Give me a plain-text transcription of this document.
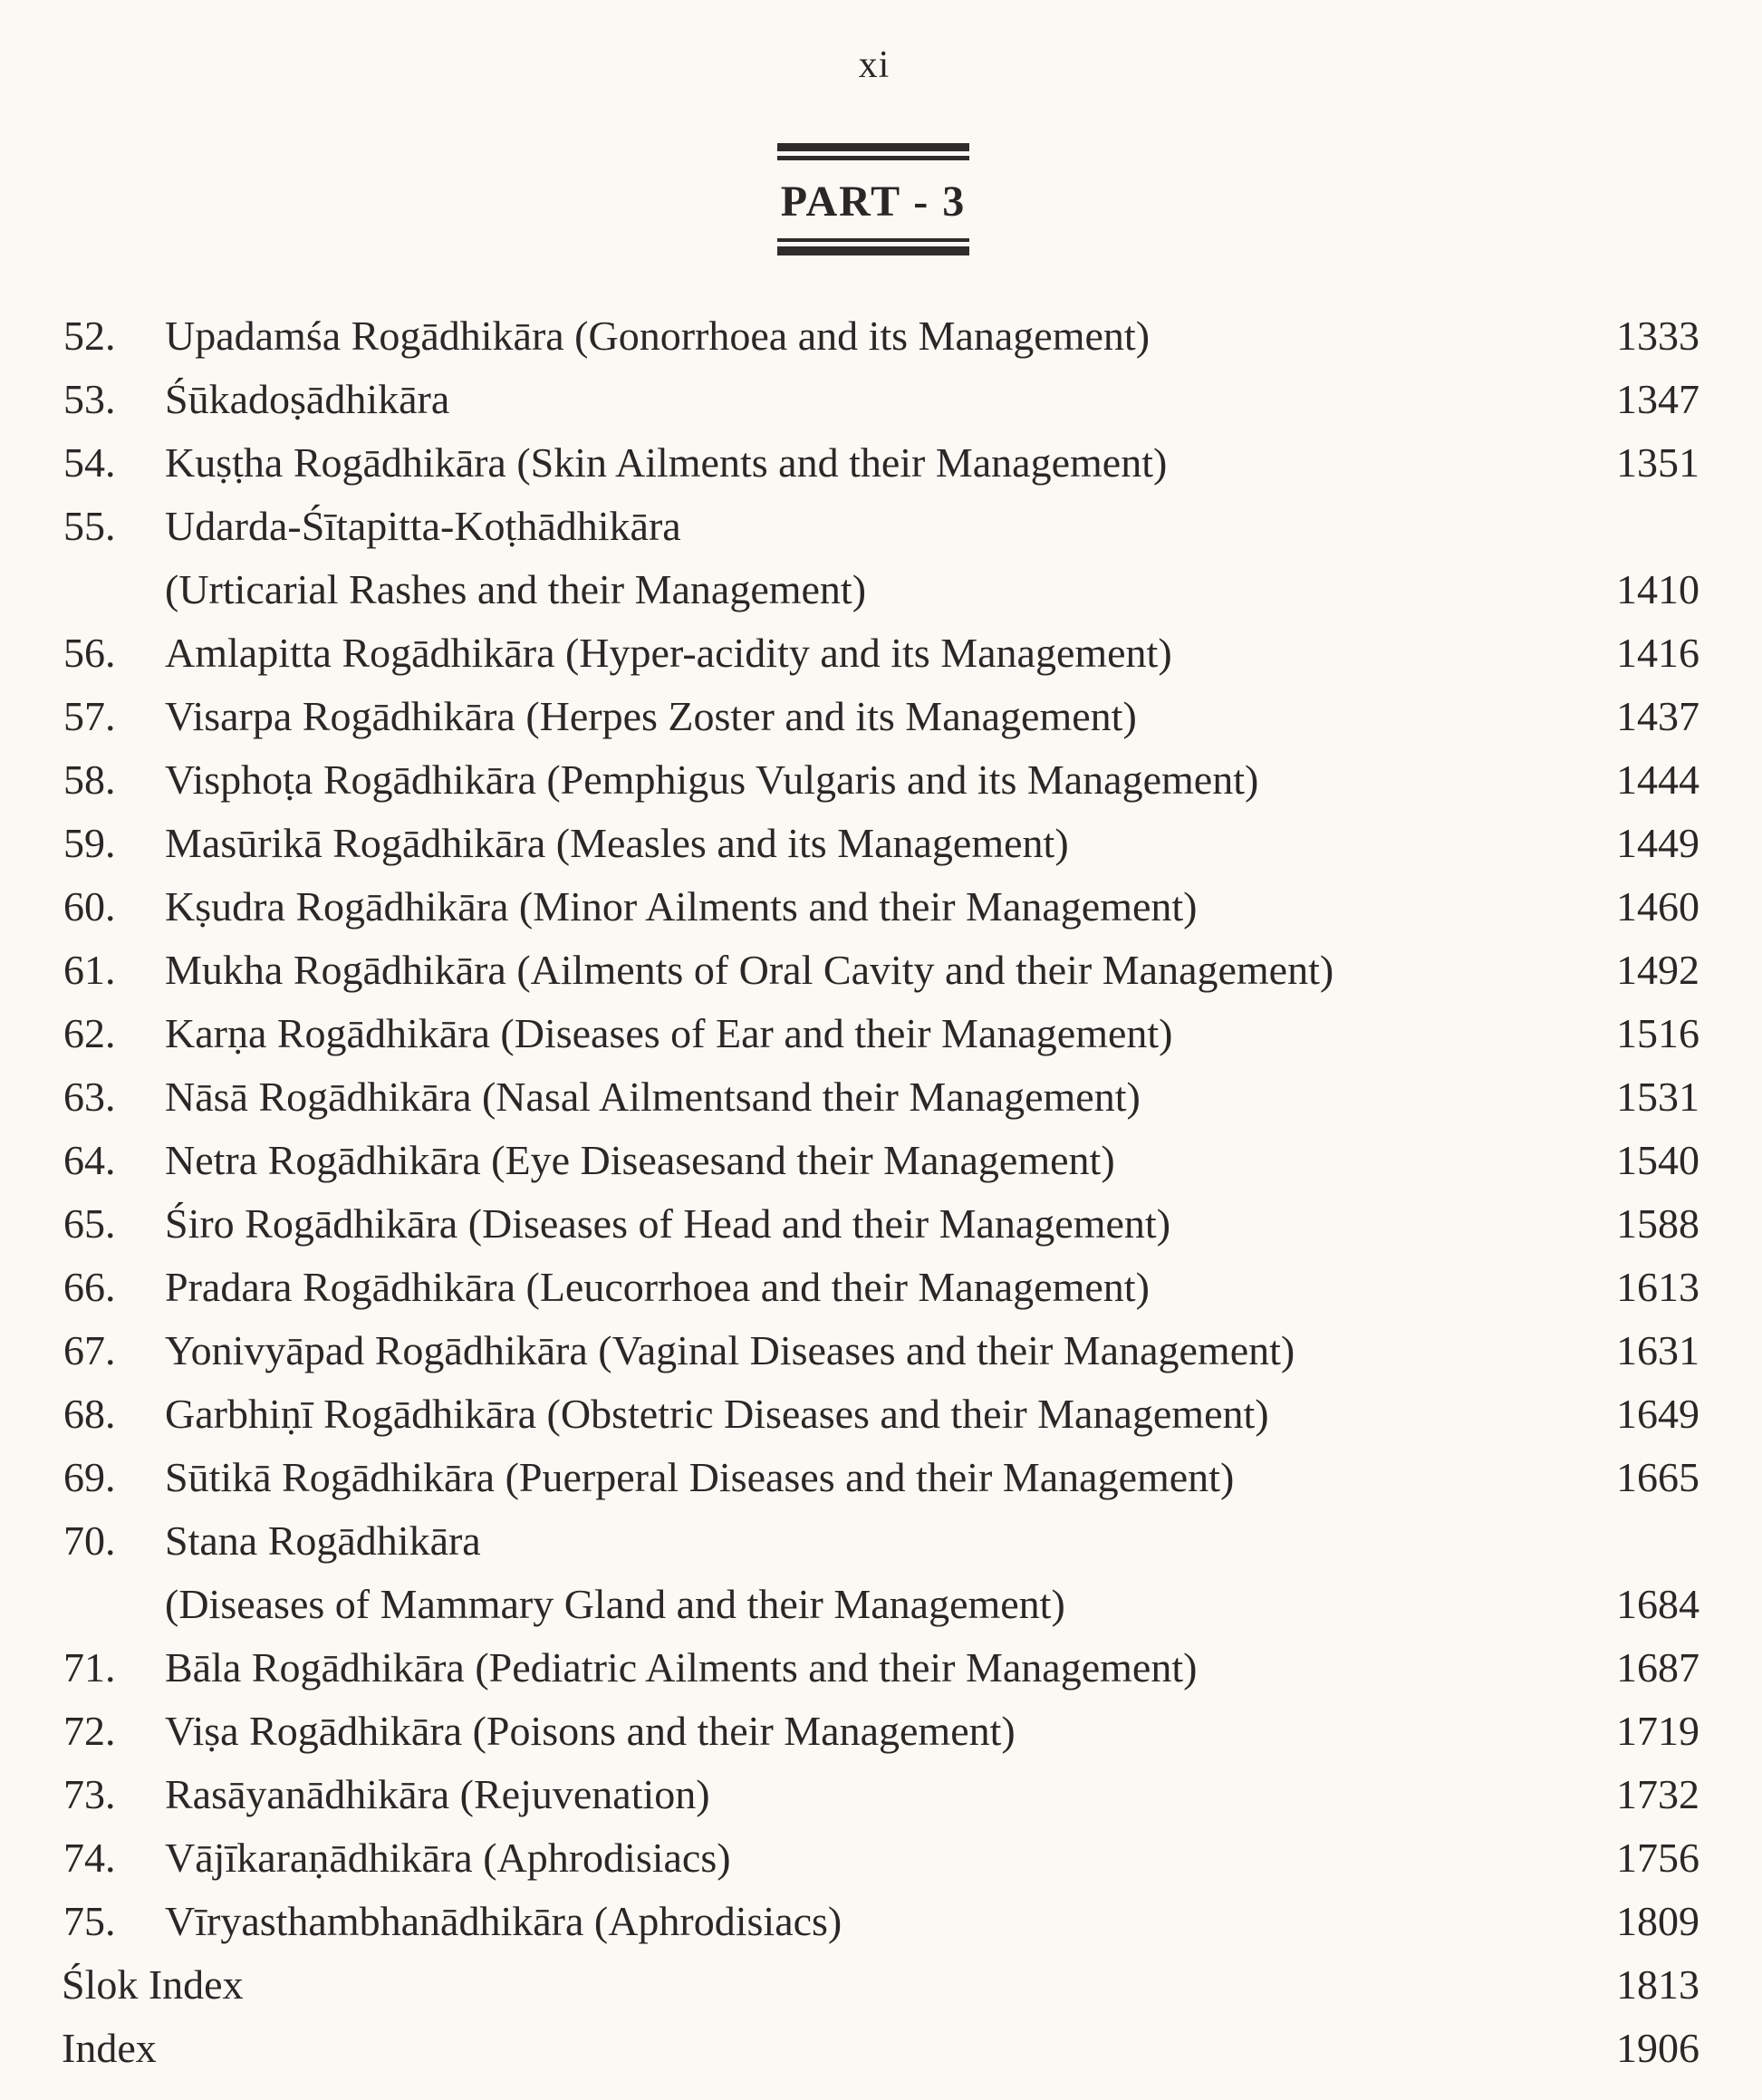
xi
PART - 3
52. Upadamśa Rogādhikāra (Gonorrhoea and its Management)	1333
53. Śūkadoṣādhikāra	1347
54. Kuṣṭha Rogādhikāra (Skin Ailments and their Management)	1351
55. Udarda-Śītapitta-Koṭhādhikāra
(Urticarial Rashes and their Management)	1410
56. Amlapitta Rogādhikāra (Hyper-acidity and its Management)	1416
57. Visarpa Rogādhikāra (Herpes Zoster and its Management)	1437
58. Visphoṭa Rogādhikāra (Pemphigus Vulgaris and its Management)	1444
59. Masūrikā Rogādhikāra (Measles and its Management)	1449
60. Kṣudra Rogādhikāra (Minor Ailments and their Management)	1460
61. Mukha Rogādhikāra (Ailments of Oral Cavity and their Management)	1492
62. Karṇa Rogādhikāra (Diseases of Ear and their Management)	1516
63. Nāsā Rogādhikāra (Nasal Ailmentsand their Management)	1531
64. Netra Rogādhikāra (Eye Diseasesand their Management)	1540
65. Śiro Rogādhikāra (Diseases of Head and their Management)	1588
66. Pradara Rogādhikāra (Leucorrhoea and their Management)	1613
67. Yonivyāpad Rogādhikāra (Vaginal Diseases and their Management)	1631
68. Garbhiṇī Rogādhikāra (Obstetric Diseases and their Management)	1649
69. Sūtikā Rogādhikāra (Puerperal Diseases and their Management)	1665
70. Stana Rogādhikāra
(Diseases of Mammary Gland and their Management)	1684
71. Bāla Rogādhikāra (Pediatric Ailments and their Management)	1687
72. Viṣa Rogādhikāra (Poisons and their Management)	1719
73. Rasāyanādhikāra (Rejuvenation)	1732
74. Vājīkaraṇādhikāra (Aphrodisiacs)	1756
75. Vīryasthambhanādhikāra (Aphrodisiacs)	1809
Ślok Index	1813
Index	1906
